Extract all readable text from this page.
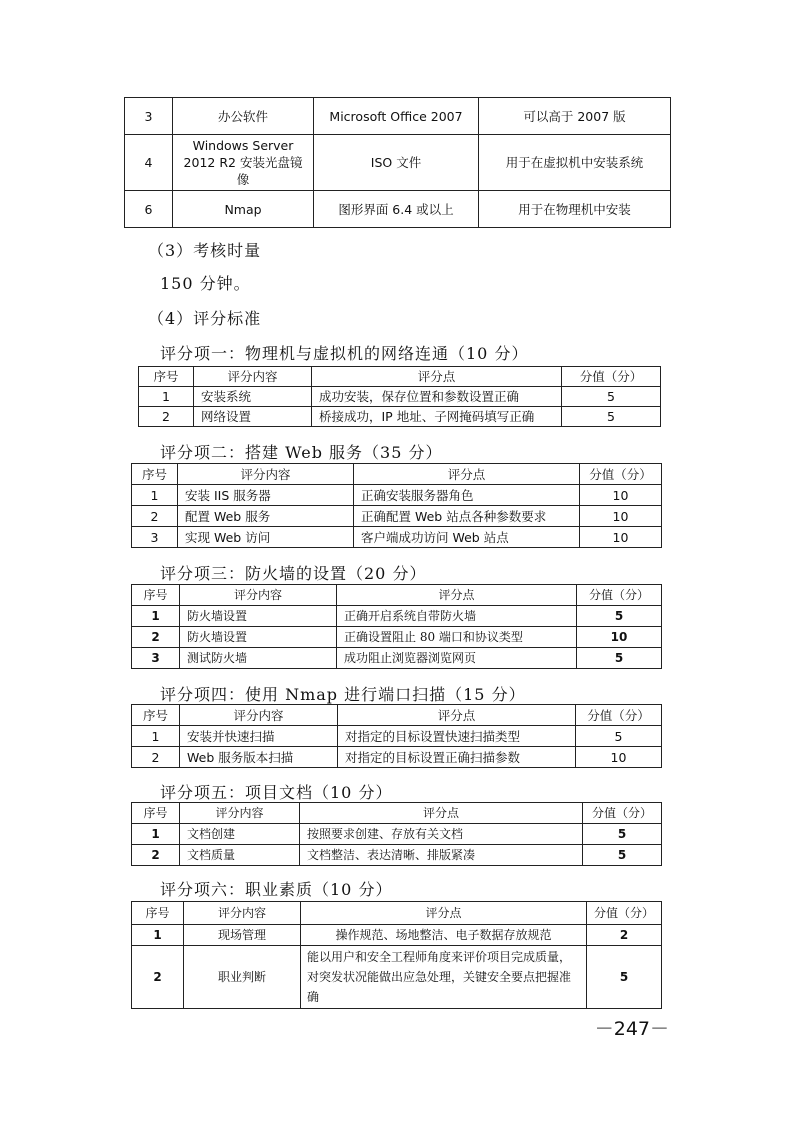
3	办公软件	Microsoft Office 2007	可以高于 2007 版
4	Windows Server 2012 R2 安装光盘镜像	ISO 文件	用于在虚拟机中安装系统
6	Nmap	图形界面 6.4 或以上	用于在物理机中安装

（3）考核时量

150 分钟。

（4）评分标准

评分项一：物理机与虚拟机的网络连通（10 分）

序号	评分内容	评分点	分值（分）
1	安装系统	成功安装，保存位置和参数设置正确	5
2	网络设置	桥接成功，IP 地址、子网掩码填写正确	5

评分项二：搭建 Web 服务（35 分）

序号	评分内容	评分点	分值（分）
1	安装 IIS 服务器	正确安装服务器角色	10
2	配置 Web 服务	正确配置 Web 站点各种参数要求	10
3	实现 Web 访问	客户端成功访问 Web 站点	10

评分项三：防火墙的设置（20 分）

序号	评分内容	评分点	分值（分）
1	防火墙设置	正确开启系统自带防火墙	5
2	防火墙设置	正确设置阻止 80 端口和协议类型	10
3	测试防火墙	成功阻止浏览器浏览网页	5

评分项四：使用 Nmap 进行端口扫描（15 分）

序号	评分内容	评分点	分值（分）
1	安装并快速扫描	对指定的目标设置快速扫描类型	5
2	Web 服务版本扫描	对指定的目标设置正确扫描参数	10

评分项五：项目文档（10 分）

序号	评分内容	评分点	分值（分）
1	文档创建	按照要求创建、存放有关文档	5
2	文档质量	文档整洁、表达清晰、排版紧凑	5

评分项六：职业素质（10 分）

序号	评分内容	评分点	分值（分）
1	现场管理	操作规范、场地整洁、电子数据存放规范	2
2	职业判断	能以用户和安全工程师角度来评价项目完成质量，对突发状况能做出应急处理，关键安全要点把握准确	5
－247－
